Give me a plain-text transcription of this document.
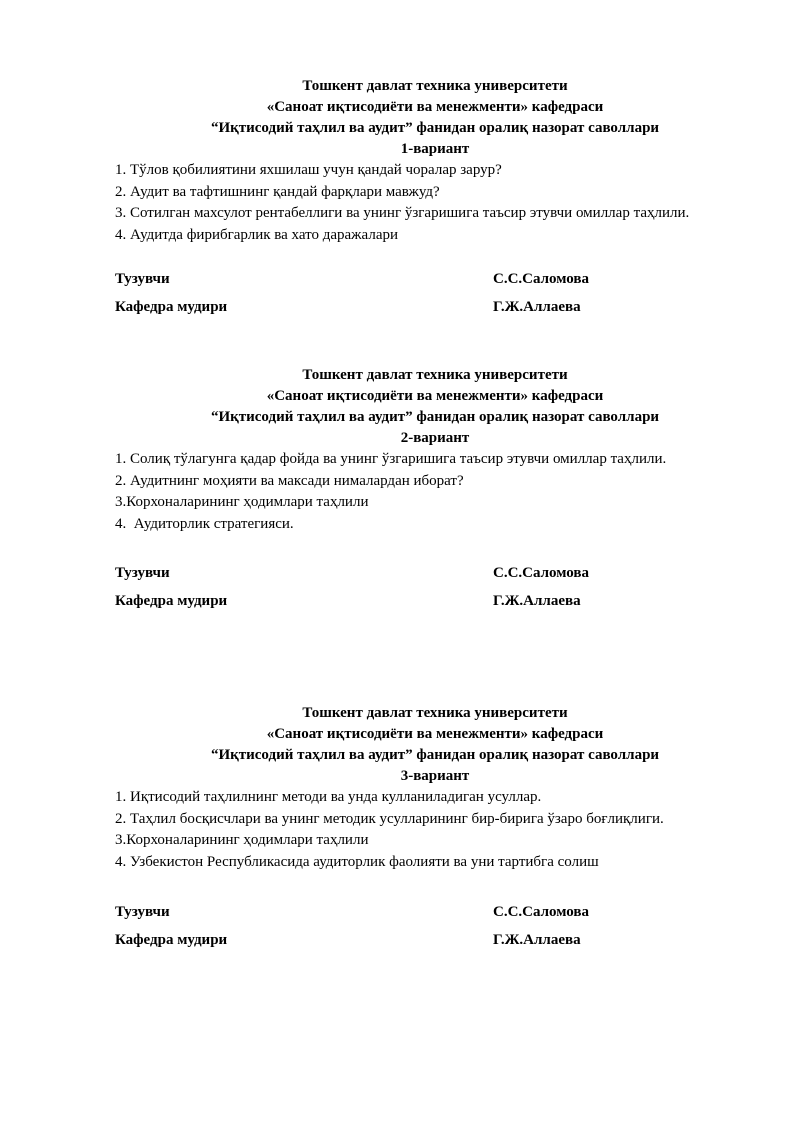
Тошкент давлат техника университети
«Саноат иқтисодиёти ва менежменти» кафедраси
“Иқтисодий таҳлил ва аудит” фанидан оралиқ назорат саволлари
1-вариант
1. Тўлов қобилиятини яхшилаш учун қандай чоралар зарур?
2. Аудит ва тафтишнинг қандай фарқлари мавжуд?
3. Сотилган махсулот рентабеллиги ва унинг ўзгаришига таъсир этувчи омиллар таҳлили.
4. Аудитда фирибгарлик ва хато даражалари
Тузувчи	С.С.Саломова
Кафедра мудири	Г.Ж.Аллаева
Тошкент давлат техника университети
«Саноат иқтисодиёти ва менежменти» кафедраси
“Иқтисодий таҳлил ва аудит” фанидан оралиқ назорат саволлари
2-вариант
1. Солиқ тўлагунга қадар фойда ва унинг ўзгаришига таъсир этувчи омиллар таҳлили.
2. Аудитнинг моҳияти ва максади нималардан иборат?
3.Корхоналарининг ҳодимлари таҳлили
4.  Аудиторлик стратегияси.
Тузувчи	С.С.Саломова
Кафедра мудири	Г.Ж.Аллаева
Тошкент давлат техника университети
«Саноат иқтисодиёти ва менежменти» кафедраси
“Иқтисодий таҳлил ва аудит” фанидан оралиқ назорат саволлари
3-вариант
1. Иқтисодий таҳлилнинг методи ва унда кулланиладиган усуллар.
2. Таҳлил босқисчлари ва унинг методик усулларининг бир-бирига ўзаро боғлиқлиги.
3.Корхоналарининг ҳодимлари таҳлили
4. Узбекистон Республикасида аудиторлик фаолияти ва уни тартибга солиш
Тузувчи	С.С.Саломова
Кафедра мудири	Г.Ж.Аллаева
